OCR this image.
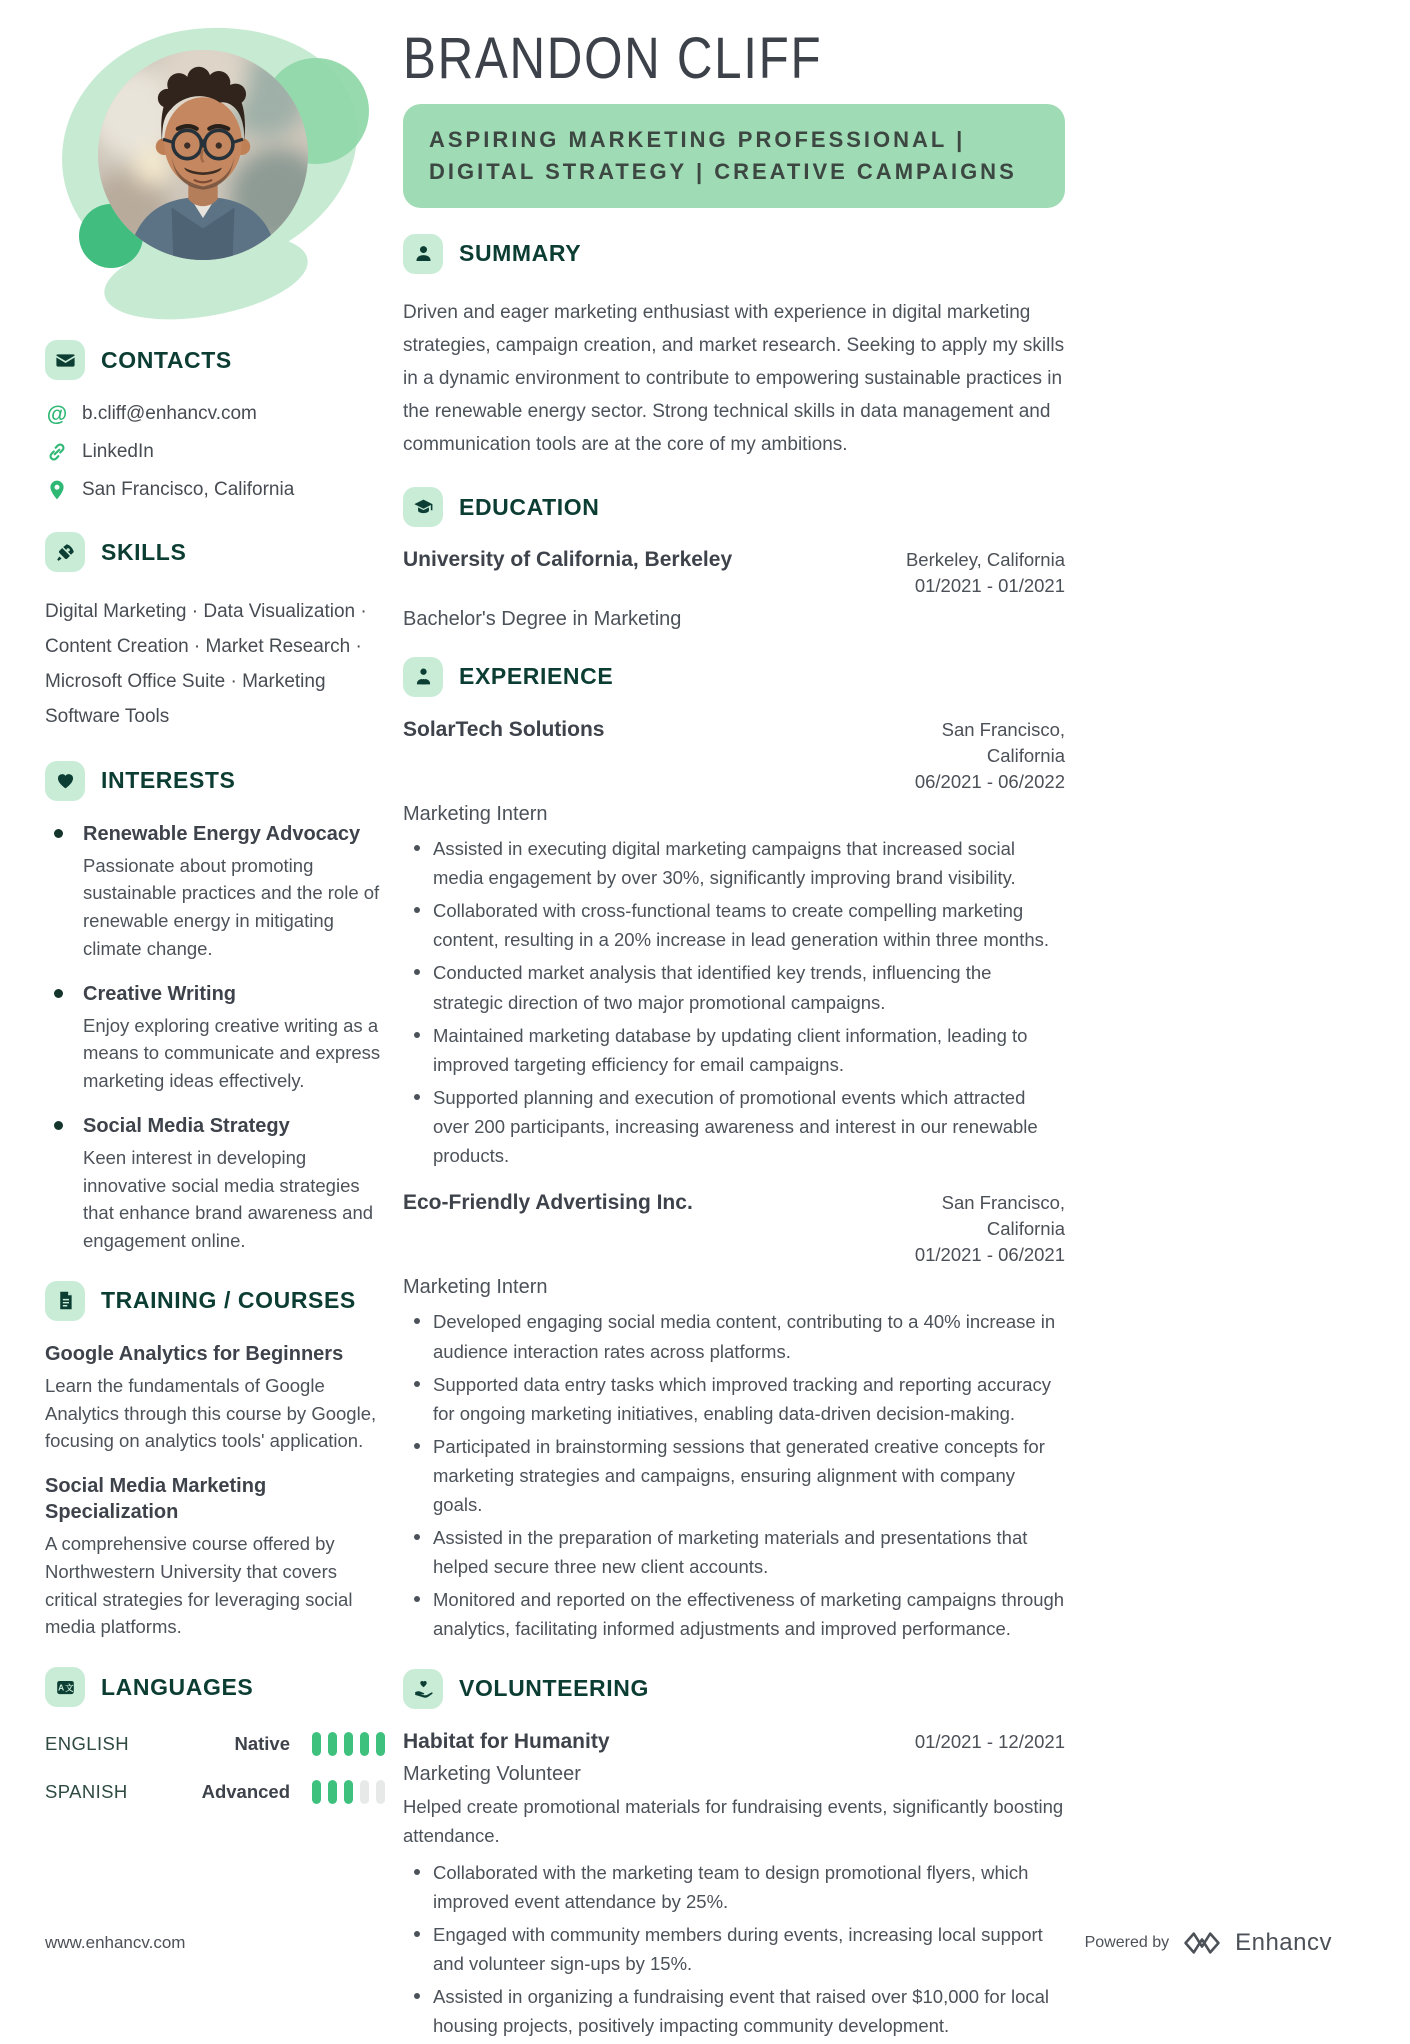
CONTACTS
@ b.cliff@enhancv.com
LinkedIn
San Francisco, California
SKILLS
Digital Marketing · Data Visualization · Content Creation · Market Research · Microsoft Office Suite · Marketing Software Tools
INTERESTS
Renewable Energy Advocacy
Passionate about promoting sustainable practices and the role of renewable energy in mitigating climate change.
Creative Writing
Enjoy exploring creative writing as a means to communicate and express marketing ideas effectively.
Social Media Strategy
Keen interest in developing innovative social media strategies that enhance brand awareness and engagement online.
TRAINING / COURSES
Google Analytics for Beginners
Learn the fundamentals of Google Analytics through this course by Google, focusing on analytics tools' application.
Social Media Marketing Specialization
A comprehensive course offered by Northwestern University that covers critical strategies for leveraging social media platforms.
A 文 LANGUAGES
ENGLISH	Native
SPANISH	Advanced
BRANDON CLIFF
ASPIRING MARKETING PROFESSIONAL | DIGITAL STRATEGY | CREATIVE CAMPAIGNS
SUMMARY

Driven and eager marketing enthusiast with experience in digital marketing strategies, campaign creation, and market research. Seeking to apply my skills in a dynamic environment to contribute to empowering sustainable practices in the renewable energy sector. Strong technical skills in data management and communication tools are at the core of my ambitions.

EDUCATION
University of California, Berkeley	Berkeley, California
01/2021 - 01/2021
Bachelor's Degree in Marketing
EXPERIENCE
SolarTech Solutions	San Francisco, California
06/2021 - 06/2022
Marketing Intern
Assisted in executing digital marketing campaigns that increased social media engagement by over 30%, significantly improving brand visibility.
Collaborated with cross-functional teams to create compelling marketing content, resulting in a 20% increase in lead generation within three months.
Conducted market analysis that identified key trends, influencing the strategic direction of two major promotional campaigns.
Maintained marketing database by updating client information, leading to improved targeting efficiency for email campaigns.
Supported planning and execution of promotional events which attracted over 200 participants, increasing awareness and interest in our renewable products.
Eco-Friendly Advertising Inc.	San Francisco, California
01/2021 - 06/2021
Marketing Intern
Developed engaging social media content, contributing to a 40% increase in audience interaction rates across platforms.
Supported data entry tasks which improved tracking and reporting accuracy for ongoing marketing initiatives, enabling data-driven decision-making.
Participated in brainstorming sessions that generated creative concepts for marketing strategies and campaigns, ensuring alignment with company goals.
Assisted in the preparation of marketing materials and presentations that helped secure three new client accounts.
Monitored and reported on the effectiveness of marketing campaigns through analytics, facilitating informed adjustments and improved performance.
VOLUNTEERING
Habitat for Humanity	01/2021 - 12/2021
Marketing Volunteer
Helped create promotional materials for fundraising events, significantly boosting attendance.
Collaborated with the marketing team to design promotional flyers, which improved event attendance by 25%.
Engaged with community members during events, increasing local support and volunteer sign-ups by 15%.
Assisted in organizing a fundraising event that raised over $10,000 for local housing projects, positively impacting community development.
www.enhancv.com	Powered by	Enhancv
